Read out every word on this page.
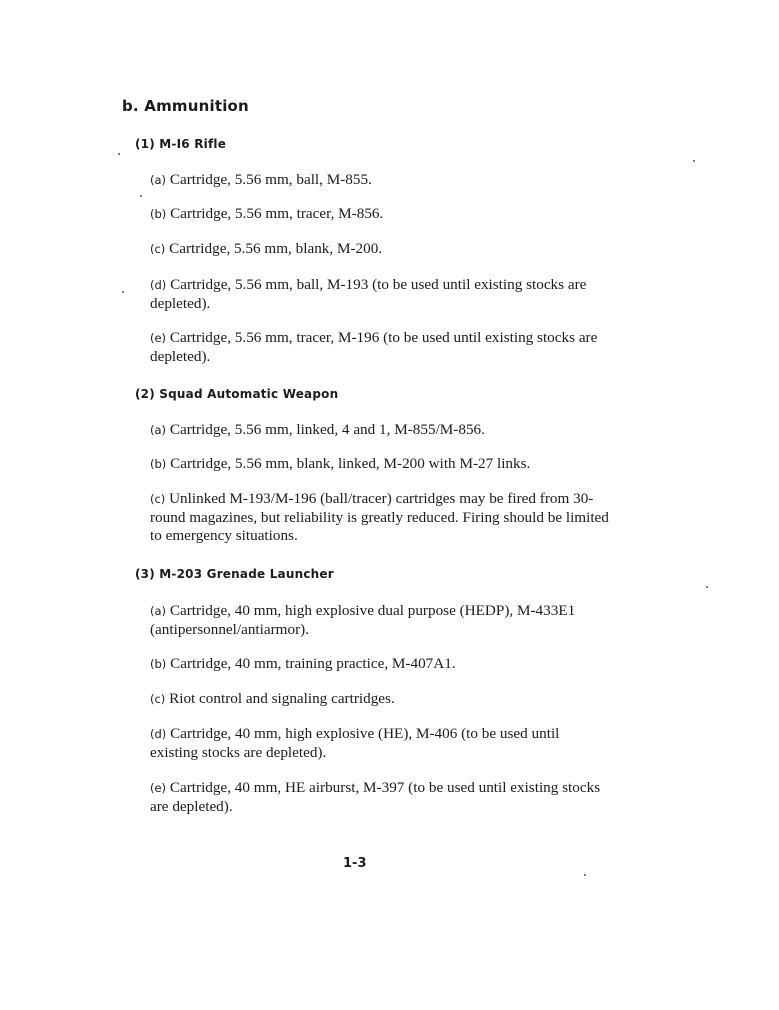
b. Ammunition
(1) M-I6 Rifle
(a) Cartridge, 5.56 mm, ball, M-855.
(b) Cartridge, 5.56 mm, tracer, M-856.
(c) Cartridge, 5.56 mm, blank, M-200.
(d) Cartridge, 5.56 mm, ball, M-193 (to be used until existing stocks are depleted).
(e) Cartridge, 5.56 mm, tracer, M-196 (to be used until existing stocks are depleted).
(2) Squad Automatic Weapon
(a) Cartridge, 5.56 mm, linked, 4 and 1, M-855/M-856.
(b) Cartridge, 5.56 mm, blank, linked, M-200 with M-27 links.
(c) Unlinked M-193/M-196 (ball/tracer) cartridges may be fired from 30-round magazines, but reliability is greatly reduced. Firing should be limited to emergency situations.
(3) M-203 Grenade Launcher
(a) Cartridge, 40 mm, high explosive dual purpose (HEDP), M-433E1 (antipersonnel/antiarmor).
(b) Cartridge, 40 mm, training practice, M-407A1.
(c) Riot control and signaling cartridges.
(d) Cartridge, 40 mm, high explosive (HE), M-406 (to be used until existing stocks are depleted).
(e) Cartridge, 40 mm, HE airburst, M-397 (to be used until existing stocks are depleted).
1-3
